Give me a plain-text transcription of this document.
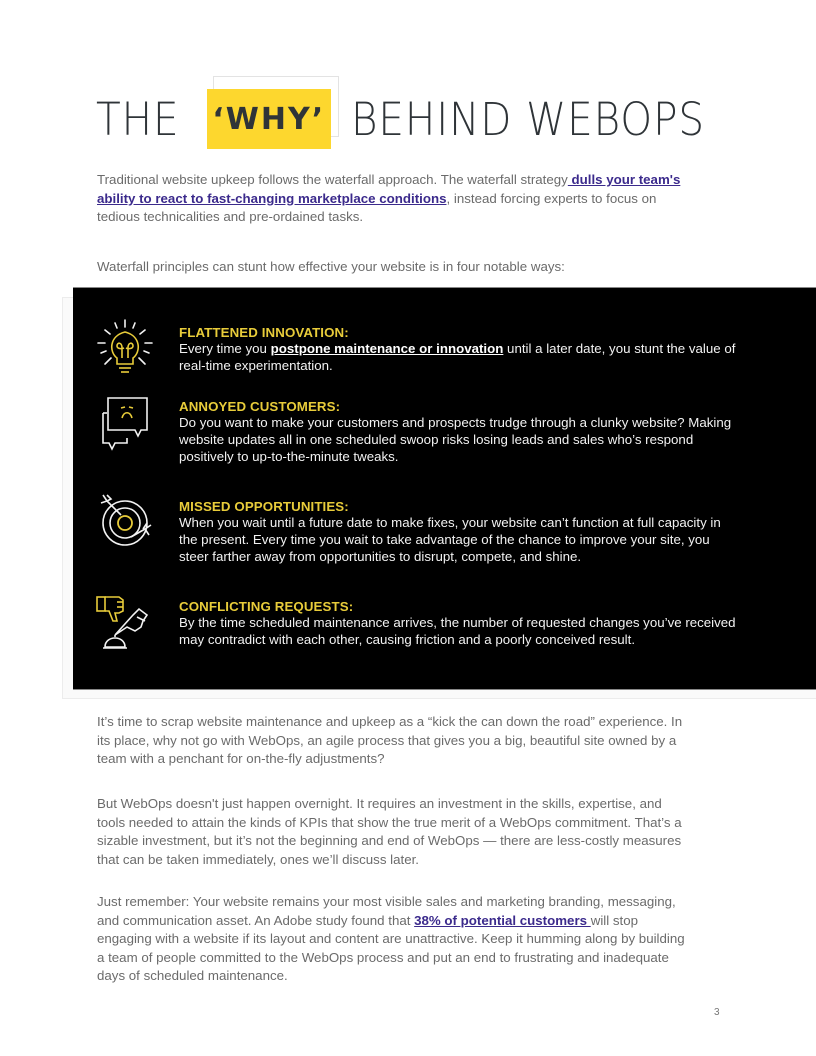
THE ‘WHY’ BEHIND WEBOPS

Traditional website upkeep follows the waterfall approach. The waterfall strategy dulls your team's ability to react to fast-changing marketplace conditions, instead forcing experts to focus on tedious technicalities and pre-ordained tasks.

Waterfall principles can stunt how effective your website is in four notable ways:

FLATTENED INNOVATION:
Every time you postpone maintenance or innovation until a later date, you stunt the value of real-time experimentation.
ANNOYED CUSTOMERS:
Do you want to make your customers and prospects trudge through a clunky website? Making website updates all in one scheduled swoop risks losing leads and sales who’s respond positively to up-to-the-minute tweaks.
MISSED OPPORTUNITIES:
When you wait until a future date to make fixes, your website can’t function at full capacity in the present. Every time you wait to take advantage of the chance to improve your site, you steer farther away from opportunities to disrupt, compete, and shine.
CONFLICTING REQUESTS:
By the time scheduled maintenance arrives, the number of requested changes you’ve received may contradict with each other, causing friction and a poorly conceived result.

It’s time to scrap website maintenance and upkeep as a “kick the can down the road” experience. In its place, why not go with WebOps, an agile process that gives you a big, beautiful site owned by a team with a penchant for on-the-fly adjustments?

But WebOps doesn't just happen overnight. It requires an investment in the skills, expertise, and tools needed to attain the kinds of KPIs that show the true merit of a WebOps commitment. That’s a sizable investment, but it’s not the beginning and end of WebOps — there are less-costly measures that can be taken immediately, ones we’ll discuss later.

Just remember: Your website remains your most visible sales and marketing branding, messaging, and communication asset. An Adobe study found that 38% of potential customers will stop engaging with a website if its layout and content are unattractive. Keep it humming along by building a team of people committed to the WebOps process and put an end to frustrating and inadequate days of scheduled maintenance.

3
